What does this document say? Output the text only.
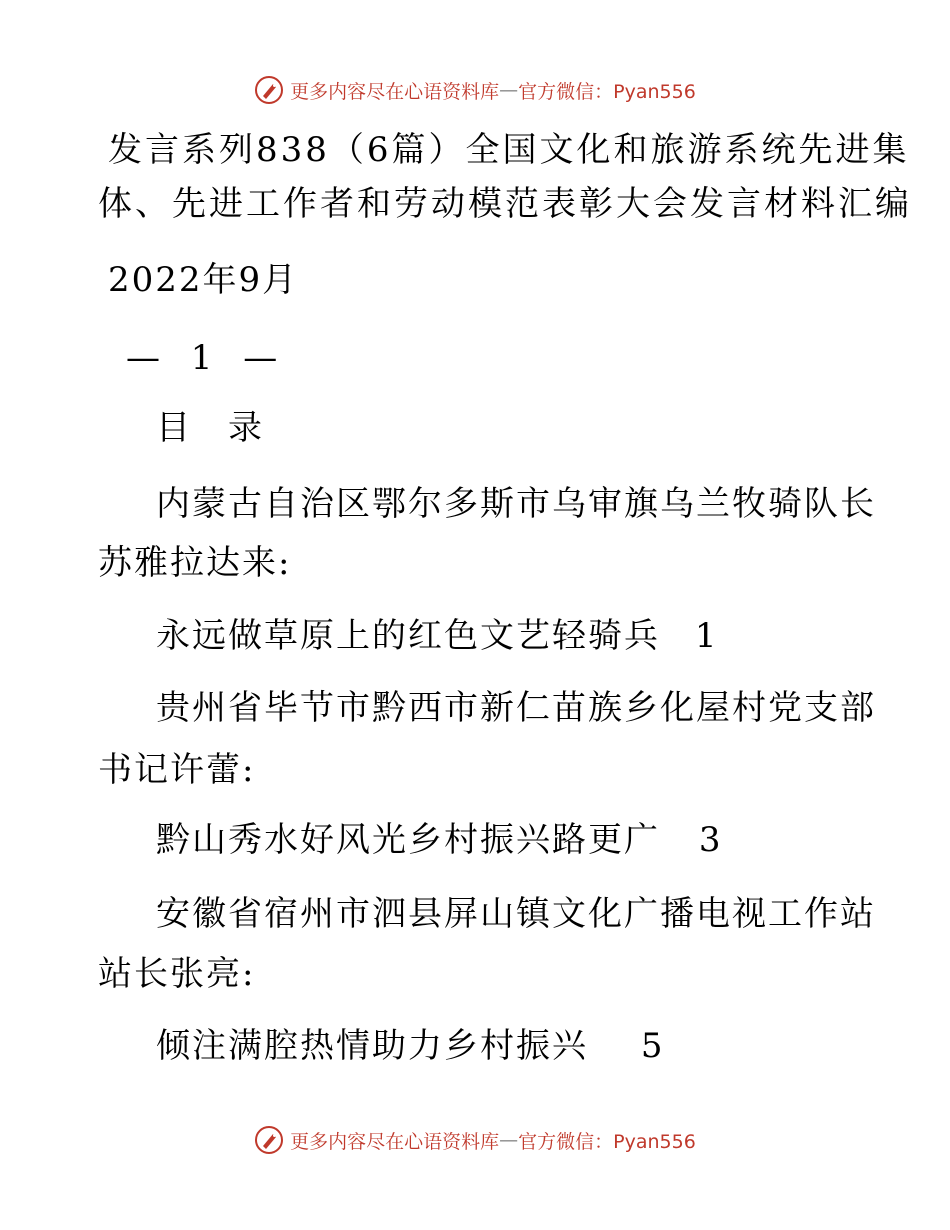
更多内容尽在心语资料库 — 官方微信：Pyan556
发言系列838（6篇）全国文化和旅游系统先进集
体、先进工作者和劳动模范表彰大会发言材料汇编
2022年9月
— 1 —
目　录
内蒙古自治区鄂尔多斯市乌审旗乌兰牧骑队长
苏雅拉达来:
永远做草原上的红色文艺轻骑兵 1
贵州省毕节市黔西市新仁苗族乡化屋村党支部
书记许蕾:
黔山秀水好风光乡村振兴路更广 3
安徽省宿州市泗县屏山镇文化广播电视工作站
站长张亮:
倾注满腔热情助力乡村振兴 5
更多内容尽在心语资料库 — 官方微信：Pyan556
